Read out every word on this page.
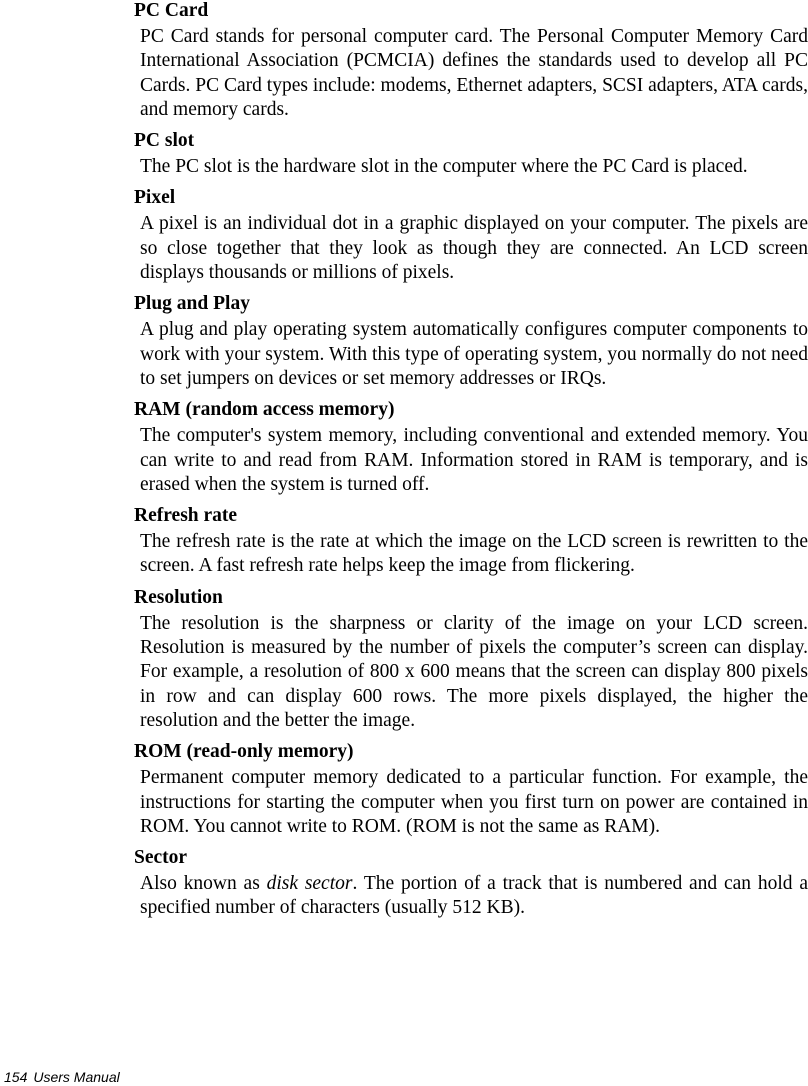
PC Card

PC Card stands for personal computer card. The Personal Computer Memory Card International Association (PCMCIA) defines the standards used to develop all PC Cards. PC Card types include: modems, Ethernet adapters, SCSI adapters, ATA cards, and memory cards.

PC slot

The PC slot is the hardware slot in the computer where the PC Card is placed.

Pixel

A pixel is an individual dot in a graphic displayed on your computer. The pixels are so close together that they look as though they are connected. An LCD screen displays thousands or millions of pixels.

Plug and Play

A plug and play operating system automatically configures computer components to work with your system. With this type of operating system, you normally do not need to set jumpers on devices or set memory addresses or IRQs.

RAM (random access memory)

The computer's system memory, including conventional and extended memory. You can write to and read from RAM. Information stored in RAM is temporary, and is erased when the system is turned off.

Refresh rate

The refresh rate is the rate at which the image on the LCD screen is rewritten to the screen. A fast refresh rate helps keep the image from flickering.

Resolution

The resolution is the sharpness or clarity of the image on your LCD screen. Resolution is measured by the number of pixels the computer’s screen can display. For example, a resolution of 800 x 600 means that the screen can display 800 pixels in row and can display 600 rows. The more pixels displayed, the higher the resolution and the better the image.

ROM (read-only memory)

Permanent computer memory dedicated to a particular function. For example, the instructions for starting the computer when you first turn on power are contained in ROM. You cannot write to ROM. (ROM is not the same as RAM).

Sector

Also known as disk sector. The portion of a track that is numbered and can hold a specified number of characters (usually 512 KB).

154 Users Manual
